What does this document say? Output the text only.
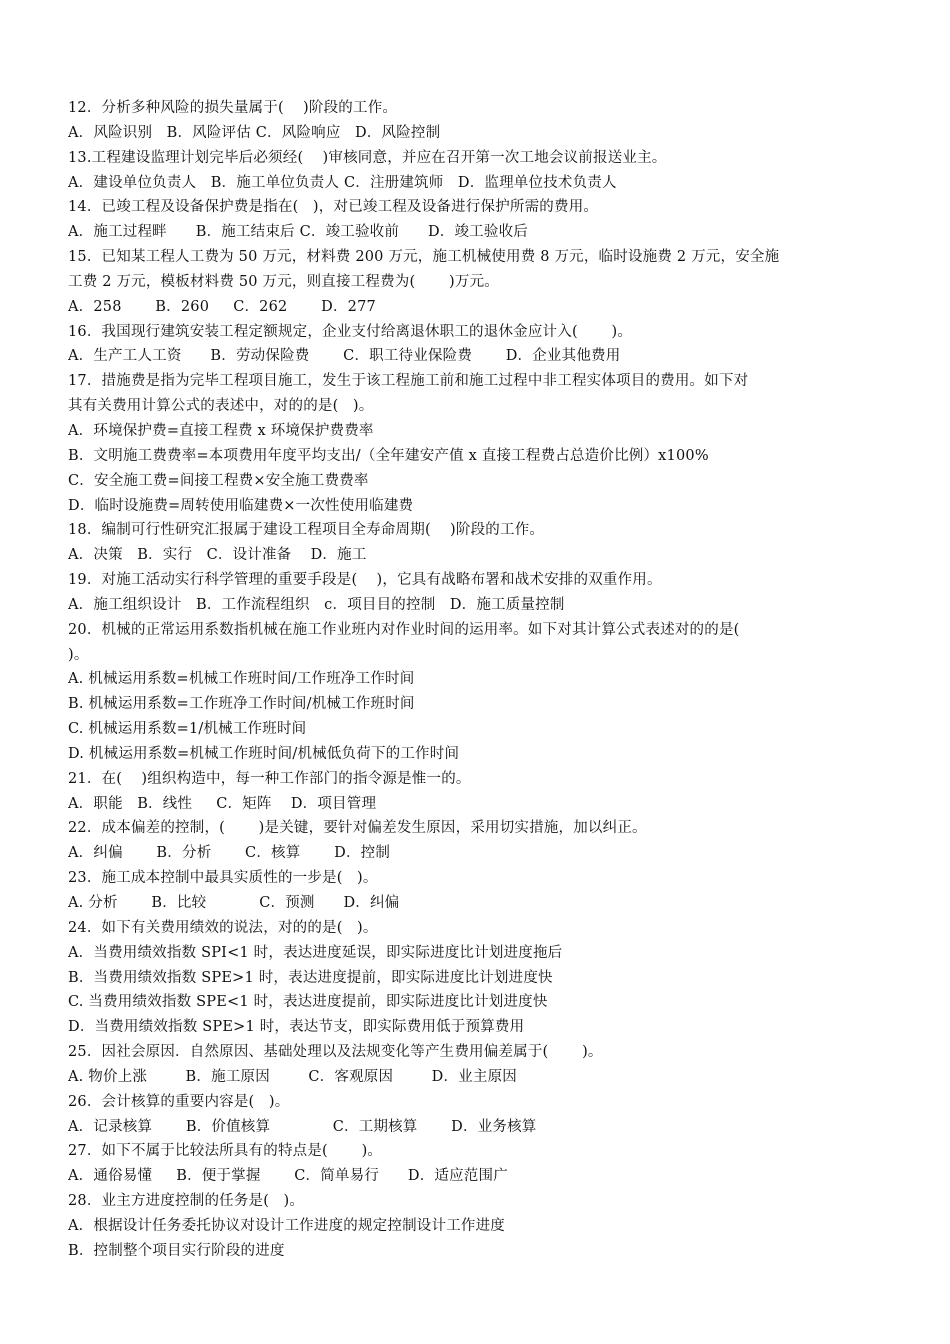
12．分析多种风险的损失量属于(    )阶段的工作。
A．风险识别   B．风险评估 C．风险响应   D．风险控制
13.工程建设监理计划完毕后必须经(    )审核同意，并应在召开第一次工地会议前报送业主。
A．建设单位负责人   B．施工单位负责人 C．注册建筑师   D．监理单位技术负责人
14．已竣工程及设备保护费是指在(   )，对已竣工程及设备进行保护所需的费用。
A．施工过程畔      B．施工结束后 C．竣工验收前      D．竣工验收后
15．已知某工程人工费为 50 万元，材料费 200 万元，施工机械使用费 8 万元，临时设施费 2 万元，安全施
工费 2 万元，模板材料费 50 万元，则直接工程费为(       )万元。
A．258       B．260     C．262       D．277
16．我国现行建筑安装工程定额规定，企业支付给离退休职工的退休金应计入(       )。
A．生产工人工资      B．劳动保险费       C．职工待业保险费       D．企业其他费用
17．措施费是指为完毕工程项目施工，发生于该工程施工前和施工过程中非工程实体项目的费用。如下对
其有关费用计算公式的表述中，对的的是(   )。
A．环境保护费=直接工程费 x 环境保护费费率
B．文明施工费费率=本项费用年度平均支出/（全年建安产值 x 直接工程费占总造价比例）x100%
C．安全施工费=间接工程费×安全施工费费率
D．临时设施费=周转使用临建费×一次性使用临建费
18．编制可行性研究汇报属于建设工程项目全寿命周期(    )阶段的工作。
A．决策   B．实行   C．设计准备    D．施工
19．对施工活动实行科学管理的重要手段是(    )，它具有战略布署和战术安排的双重作用。
A．施工组织设计   B．工作流程组织   c．项目目的控制   D．施工质量控制
20．机械的正常运用系数指机械在施工作业班内对作业时间的运用率。如下对其计算公式表述对的的是(
)。
A. 机械运用系数=机械工作班时间/工作班净工作时间
B. 机械运用系数=工作班净工作时间/机械工作班时间
C. 机械运用系数=1/机械工作班时间
D. 机械运用系数=机械工作班时间/机械低负荷下的工作时间
21．在(    )组织构造中，每一种工作部门的指令源是惟一的。
A．职能   B．线性     C．矩阵    D．项目管理
22．成本偏差的控制，(       )是关键，要针对偏差发生原因，采用切实措施，加以纠正。
A．纠偏       B．分析       C．核算       D．控制
23．施工成本控制中最具实质性的一步是(   )。
A. 分析       B．比较           C．预测      D．纠偏
24．如下有关费用绩效的说法，对的的是(   )。
A．当费用绩效指数 SPI<1 时，表达进度延误，即实际进度比计划进度拖后
B．当费用绩效指数 SPE>1 时，表达进度提前，即实际进度比计划进度快
C. 当费用绩效指数 SPE<1 时，表达进度提前，即实际进度比计划进度快
D．当费用绩效指数 SPE>1 时，表达节支，即实际费用低于预算费用
25．因社会原因．自然原因、基础处理以及法规变化等产生费用偏差属于(       )。
A. 物价上涨        B．施工原因        C．客观原因        D．业主原因
26．会计核算的重要内容是(   )。
A．记录核算       B．价值核算             C．工期核算       D．业务核算
27．如下不属于比较法所具有的特点是(       )。
A．通俗易懂     B．便于掌握       C．简单易行      D．适应范围广
28．业主方进度控制的任务是(   )。
A．根据设计任务委托协议对设计工作进度的规定控制设计工作进度
B．控制整个项目实行阶段的进度
